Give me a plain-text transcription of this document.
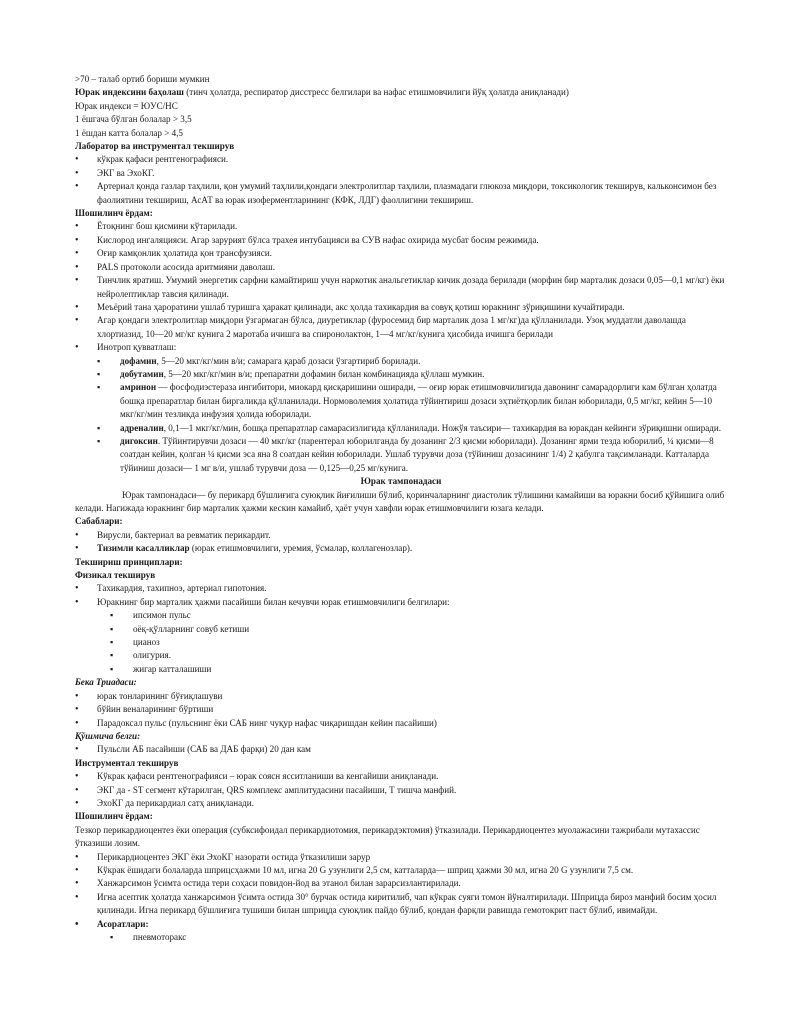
>70 – талаб ортиб бориши мумкин

Юрак индексини баҳолаш (тинч ҳолатда, респиратор дисстресс белгилари ва нафас етишмовчилиги йўқ ҳолатда аниқланади)

Юрак индекси = ЮУС/НС

1 ёшгача бўлган болалар > 3,5

1 ёшдан катта болалар > 4,5

Лаборатор ва инструментал текширув

• кўкрак қафаси рентгенографияси.

• ЭКГ ва ЭхоКГ.

• Артериал қонда газлар таҳлили, қон умумий таҳлили,қондаги электролитлар таҳлили, плазмадаги глюкоза миқдори, токсикологик текширув, кальконсимон без фаолиятини текшириш, АсАТ ва юрак изоферментларининг (КФК, ЛДГ) фаоллигини текшириш.

Шошилинч ёрдам:

• Ётоқнинг бош қисмини кўтарилади.

• Кислород ингаляцияси. Агар зарурият бўлса трахея интубацияси ва СУВ нафас охирида мусбат босим режимида.

• Оғир камқонлик ҳолатида қон трансфузияси.

• PALS протоколи асосида аритмияни даволаш.

• Тинчлик яратиш. Умумий энергетик сарфни камайтириш учун наркотик анальгетиклар кичик дозада берилади (морфин бир марталик дозаси 0,05—0,1 мг/кг) ёки нейролептиклар тавсия қилинади.

• Меъёрий тана ҳароратини ушлаб туришга ҳаракат қилинади, акс ҳолда тахикардия ва совуқ қотиш юракнинг зўриқишини кучайтиради.

• Агар қондаги электролитлар миқдори ўзгармаган бўлса, диуретиклар (фуросемид бир марталик доза 1 мг/кг)да қўлланилади. Узоқ муддатли даволашда хлортиазид, 10—20 мг/кг кунига 2 маротаба ичишга ва спиронолактон, 1—4 мг/кг/кунига ҳисобида ичишга берилади

• Инотроп қувватлаш:

▪ дофамин, 5—20 мкг/кг/мин в/и; самарага қараб дозаси ўзгартириб борилади.

▪ добутамин, 5—20 мкг/кг/мин в/и; препаратни дофамин билан комбинацияда қўллаш мумкин.

▪ амринон — фосфодиэстераза ингибитори, миокард қисқаришини оширади, — оғир юрак етишмовчилигида давонинг самарадорлиги кам бўлган ҳолатда бошқа препаратлар билан биргаликда қўлланилади. Нормоволемия ҳолатида тўйинтириш дозаси эҳтиётқорлик билан юборилади, 0,5 мг/кг, кейин 5—10 мкг/кг/мин тезликда инфузия ҳолида юборилади.

▪ адреналин, 0,1—1 мкг/кг/мин, бошқа препаратлар самарасизлигида қўлланилади. Ножўя таъсири— тахикардия ва юракдан кейинги зўриқишни оширади.

▪ дигоксин. Тўйинтирувчи дозаси — 40 мкг/кг (парентерал юборилганда бу дозанинг 2/3 қисми юборилади). Дозанинг ярми тезда юборилиб, ¼ қисми—8 соатдан кейин, қолган ¼ қисми эса яна 8 соатдан кейин юборилади. Ушлаб турувчи доза (тўйиниш дозасининг 1/4) 2 қабулга тақсимланади. Катталарда тўйиниш дозаси— 1 мг в/и, ушлаб турувчи доза — 0,125—0,25 мг/кунига.

Юрак тампонадаси

Юрак тампонадаси— бу перикард бўшлиғига суюқлик йиғилиши бўлиб, қоринчаларнинг диастолик тўлишини камайиши ва юракни босиб қўйишига олиб келади. Нагижада юракнинг бир марталик ҳажми кескин камайиб, ҳаёт учун хавфли юрак етишмовчилиги юзага келади.

Сабаблари:

• Вирусли, бактериал ва ревматик перикардит.

• Тизимли касалликлар (юрак етишмовчилиги, уремия, ўсмалар, коллагенозлар).

Текшириш принциплари:

Физикал текширув

• Тахикардия, тахипноэ, артериал гипотония.

• Юракнинг бир марталик ҳажми пасайиши билан кечувчи юрак етишмовчилиги белгилари:

▪ ипсимон пульс

▪ оёқ-қўлларнинг совуб кетиши

▪ цианоз

▪ олигурия.

▪ жигар катталашиши

Бека Триадаси:

• юрак тонларининг бўғиқлашуви

• бўйин веналарининг бўртиши

• Парадоксал пульс (пульснинг ёки САБ нинг чуқур нафас чиқаришдан кейин пасайиши)

Қўшмича белги:

• Пульсли АБ пасайиши (САБ ва ДАБ фарқи) 20 дан кам

Инструментал текширув

• Кўкрак қафаси рентгенографияси – юрак соясн ясситланиши ва кенгайиши аниқланади.

• ЭКГ да - ST сегмент кўтарилган, QRS комплекс амплитудасини пасайиши, Т тишча манфий.

• ЭхоКГ да перикардиал сатҳ аниқланади.

Шошилинч ёрдам:

Тезкор перикардиоцентез ёки операция (субксифоидал перикардиотомия, перикардэктомия) ўтказилади. Перикардиоцентез муолажасини тажрибали мутахассис ўтказиши лозим.

• Перикардиоцентез ЭКГ ёки ЭхоКГ назорати остида ўтказилиши зарур

• Кўкрак ёшидаги болаларда шприцсҳажми 10 мл, игна 20 G узунлиги 2,5 см, катталарда— шприц ҳажми 30 мл, игна 20 G узунлиги 7,5 см.

• Ханжарсимон ўсимта остида тери соҳаси повидон-йод ва этанол билан зарарсизлантирилади.

• Игна асептик ҳолатда ханжарсимон ўсимта остида 30° бурчак остида киритилиб, чап кўкрак суяги томон йўналтирилади. Шприцда бироз манфий босим ҳосил қилинади. Игна перикард бўшлиғига тушиши билан шприцда суюқлик пайдо бўлиб, қондан фарқли равишда гемотокрит паст бўлиб, ивимайди.

• Асоратлари:

▪ пневмоторакс
